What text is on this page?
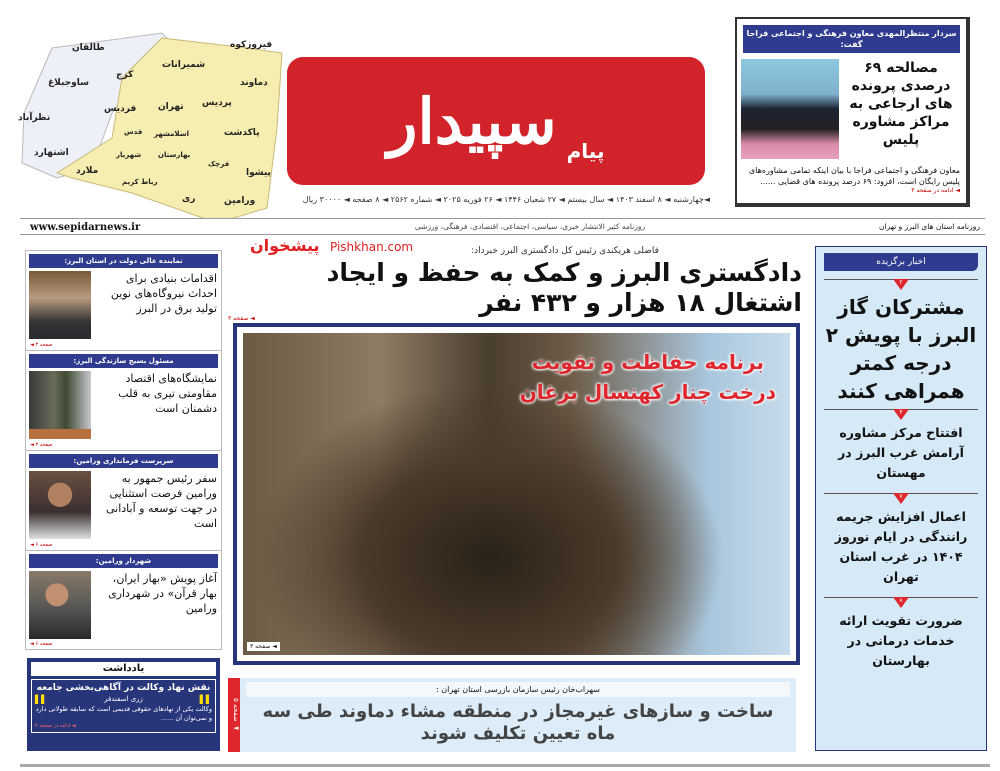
طالقان
ساوجبلاغ
کرج
نظرآباد
فردیس
اشتهارد
شمیرانات
فیروزکوه
دماوند
پردیس
تهران
قدس اسلامشهر
ملارد
شهریار بهارستان
رباط کریم
قرچک
پاکدشت
پیشوا
ری	ورامین
پیام
سپیدار
◄چهارشنبه ◄ ۸ اسفند ۱۴۰۳ ◄ سال بیستم ◄ ۲۷ شعبان ۱۴۴۶ ◄ ۲۶ فوریه ۲۰۲۵ ◄ شماره ۲۵۶۲ ◄ ۸ صفحه ◄ ۳۰۰۰۰ ریال
سردار منتظرالمهدی معاون فرهنگی و اجتماعی فراجا گفت:
مصالحه ۶۹ درصدی پرونده های ارجاعی به مراکز مشاوره پلیس
معاون فرهنگی و اجتماعی فراجا با بیان اینکه تمامی مشاوره‌های پلیس رایگان است، افزود: ۶۹ درصد پرونده های قضایی ......
◄ ادامه در صفحه ۳
www.sepidarnews.ir	روزنامه استان های البرز و تهران
روزنامه کثیر الانتشار خبری، سیاسی، اجتماعی، اقتصادی، فرهنگی، ورزشی
پیشخوان Pishkhan.com	فاضلی هریکندی رئیس کل دادگستری البرز خبرداد:
دادگستری البرز و کمک به حفظ و ایجاد اشتغال ۱۸ هزار و ۴۳۲ نفر
◄ صفحه ۳
برنامه حفاظت و تقویت
درخت چنار کهنسال برغان
◄ صفحه ۳
◄ صفحه ۵
سهراب‌خان رئیس سازمان بازرسی استان تهران :
ساخت و سازهای غیرمجاز در منطقه مشاء دماوند طی سه ماه تعیین تکلیف شوند
نماینده عالی دولت در استان البرز:
اقدامات بنیادی برای احداث نیروگاه‌های نوین تولید برق در البرز
◄ صفحه ۳
مسئول بسیج سازندگی البرز:
نمایشگاه‌های اقتصاد مقاومتی تیری به قلب دشمنان است
◄ صفحه ۳
سرپرست فرمانداری ورامین:
سفر رئیس جمهور به ورامین فرصت استثنایی در جهت توسعه و آبادانی است
◄ صفحه ۶
شهردار ورامین:
آغاز پویش «بهار ایران، بهار قرآن» در شهرداری ورامین
◄ صفحه ۶
یادداشت
نقش نهاد وکالت در آگاهی‌بخشی جامعه
▌▌	زری اسفندفر	▌▌
وکالت یکی از نهادهای حقوقی قدیمی است که سابقه طولانی دارد و نمی‌توان آن ......
◄ ادامه در صفحه ۳
اخبار برگزیده
۲
مشترکان گاز البرز با پویش ۲ درجه کمتر همراهی کنند
۴
افتتاح مرکز مشاوره آرامش غرب البرز در مهستان
۷
اعمال افزایش جریمه رانندگی در ایام نوروز ۱۴۰۴ در غرب استان تهران
۸
ضرورت تقویت ارائه خدمات درمانی در بهارستان
